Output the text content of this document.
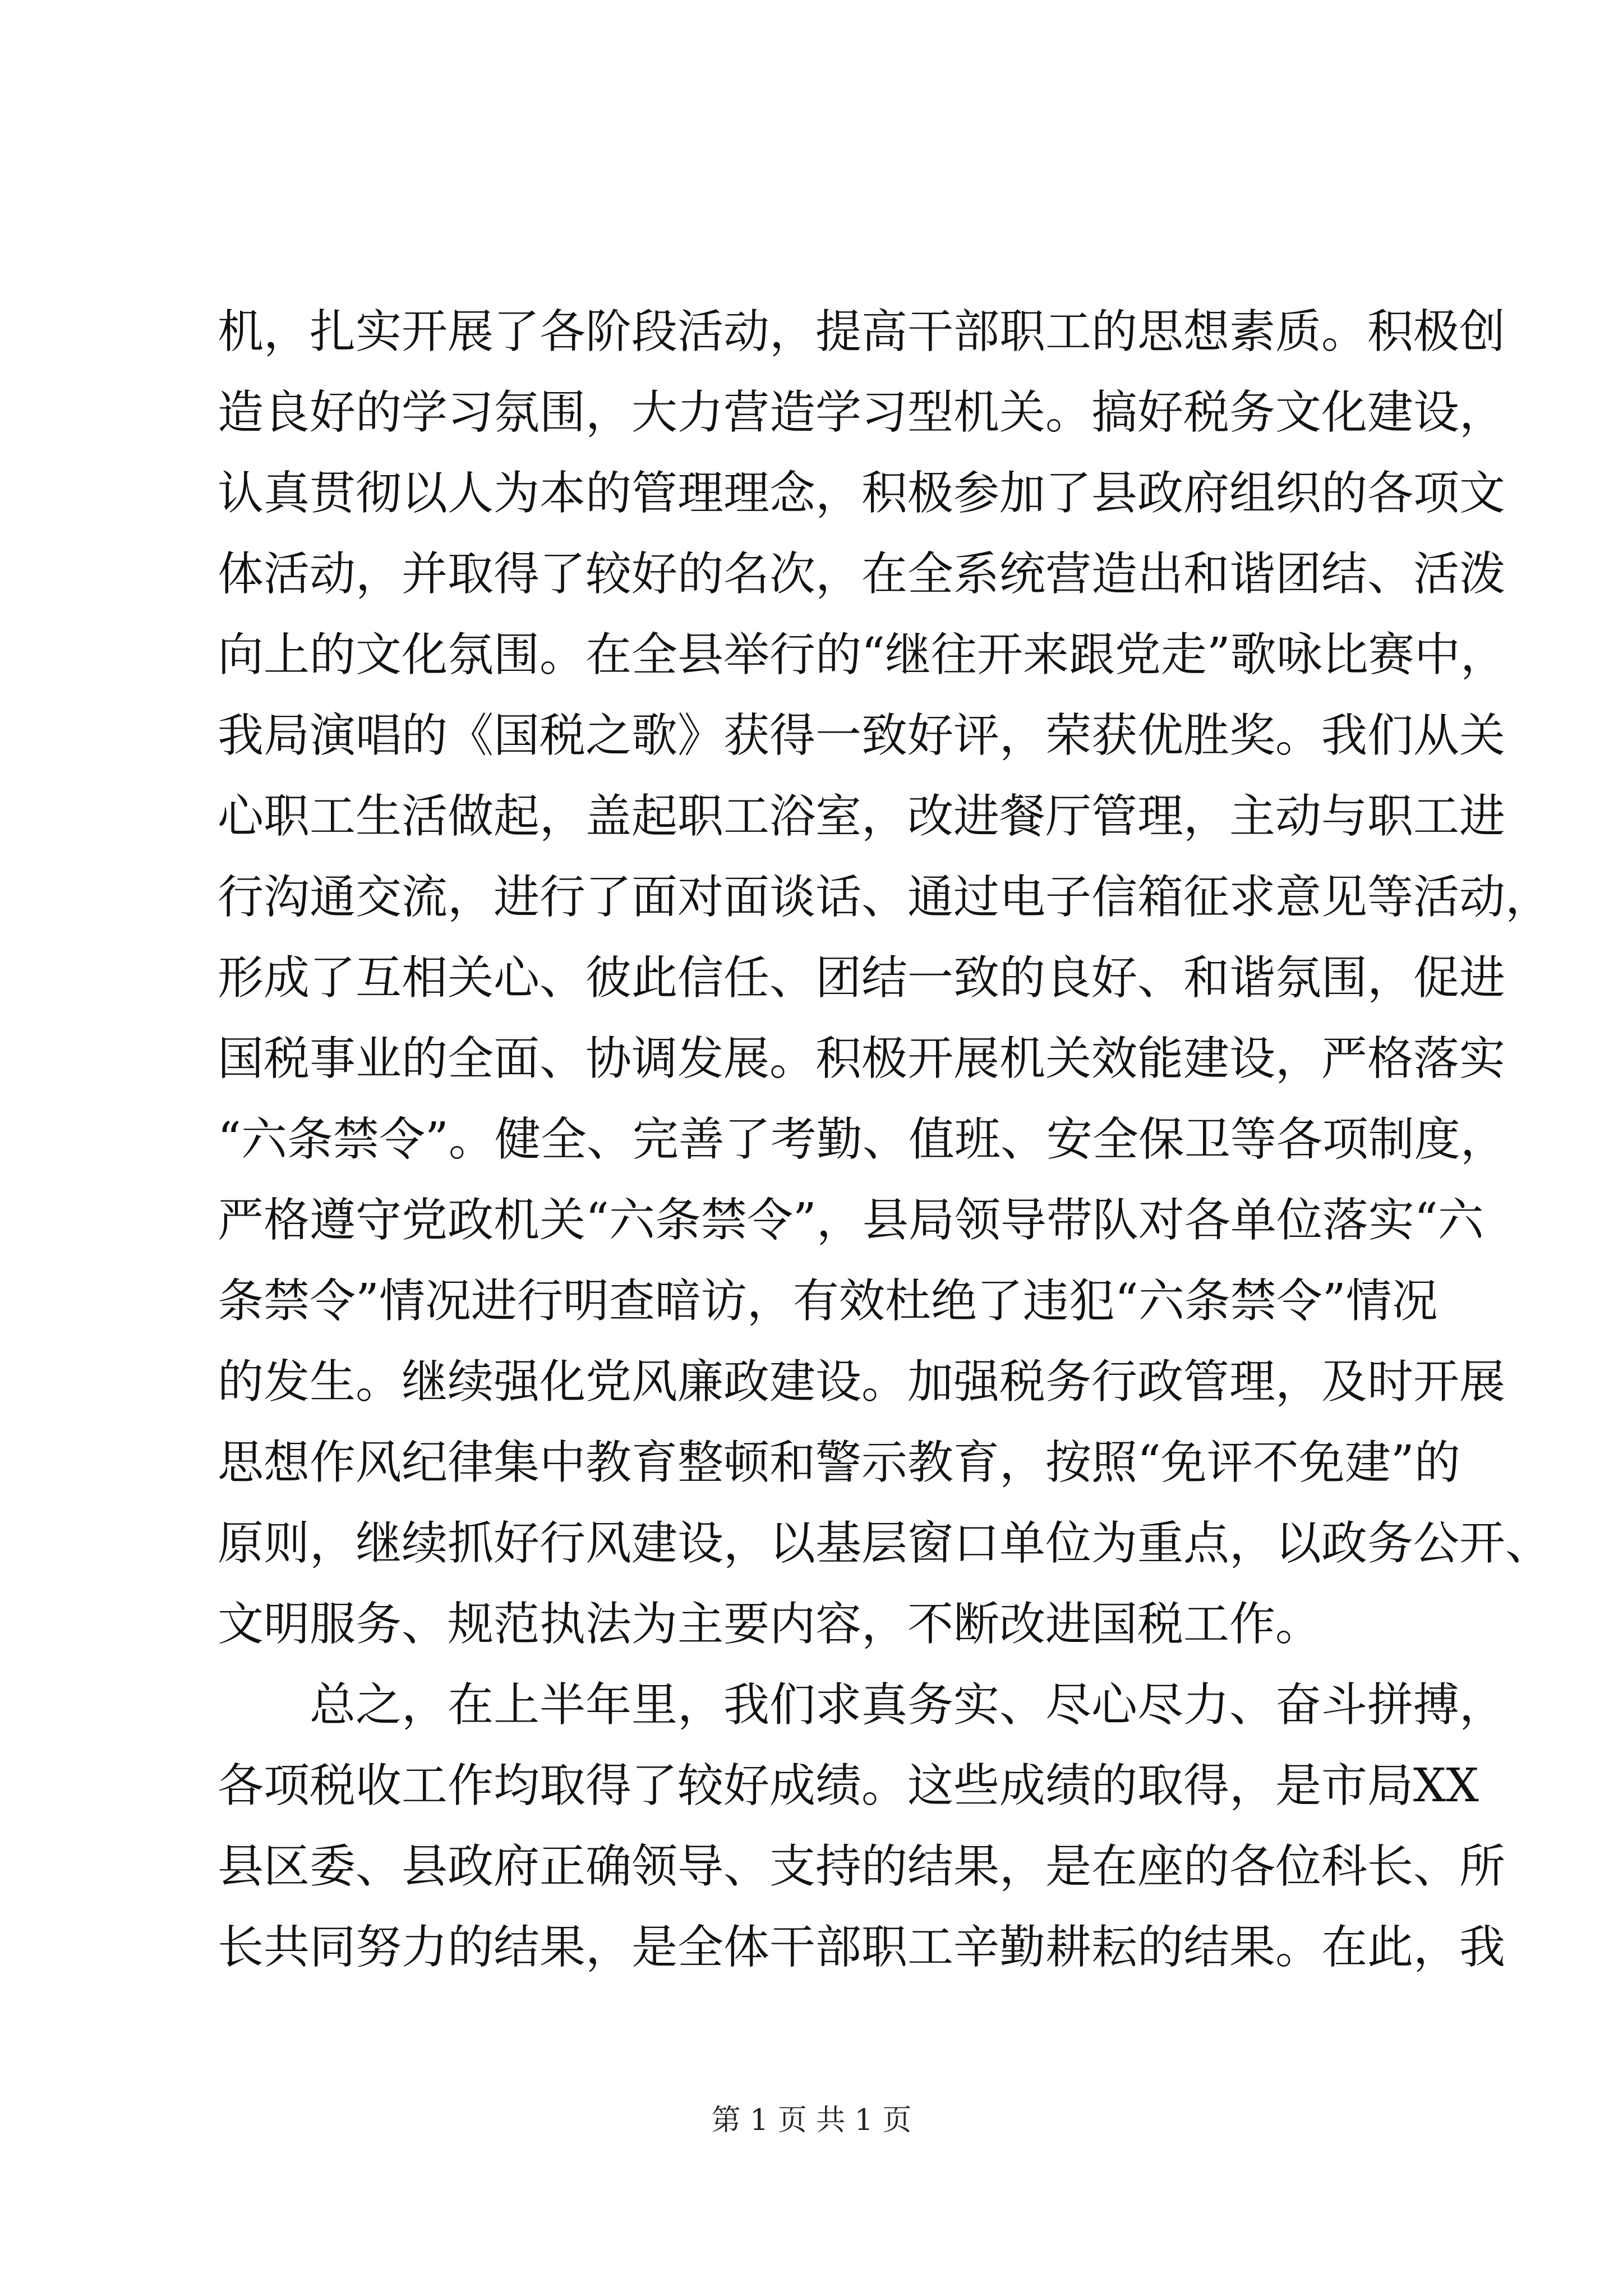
机，扎实开展了各阶段活动，提高干部职工的思想素质。积极创
造良好的学习氛围，大力营造学习型机关。搞好税务文化建设，
认真贯彻以人为本的管理理念，积极参加了县政府组织的各项文
体活动，并取得了较好的名次，在全系统营造出和谐团结、活泼
向上的文化氛围。在全县举行的“继往开来跟党走”歌咏比赛中，
我局演唱的《国税之歌》获得一致好评，荣获优胜奖。我们从关
心职工生活做起，盖起职工浴室，改进餐厅管理，主动与职工进
行沟通交流，进行了面对面谈话、通过电子信箱征求意见等活动，
形成了互相关心、彼此信任、团结一致的良好、和谐氛围，促进
国税事业的全面、协调发展。积极开展机关效能建设，严格落实
“六条禁令”。健全、完善了考勤、值班、安全保卫等各项制度，
严格遵守党政机关“六条禁令”，县局领导带队对各单位落实“六
条禁令”情况进行明查暗访，有效杜绝了违犯“六条禁令”情况
的发生。继续强化党风廉政建设。加强税务行政管理，及时开展
思想作风纪律集中教育整顿和警示教育，按照“免评不免建”的
原则，继续抓好行风建设，以基层窗口单位为重点，以政务公开、
文明服务、规范执法为主要内容，不断改进国税工作。
总之，在上半年里，我们求真务实、尽心尽力、奋斗拼搏，
各项税收工作均取得了较好成绩。这些成绩的取得，是市局XX
县区委、县政府正确领导、支持的结果，是在座的各位科长、所
长共同努力的结果，是全体干部职工辛勤耕耘的结果。在此，我
第 1 页 共 1 页
